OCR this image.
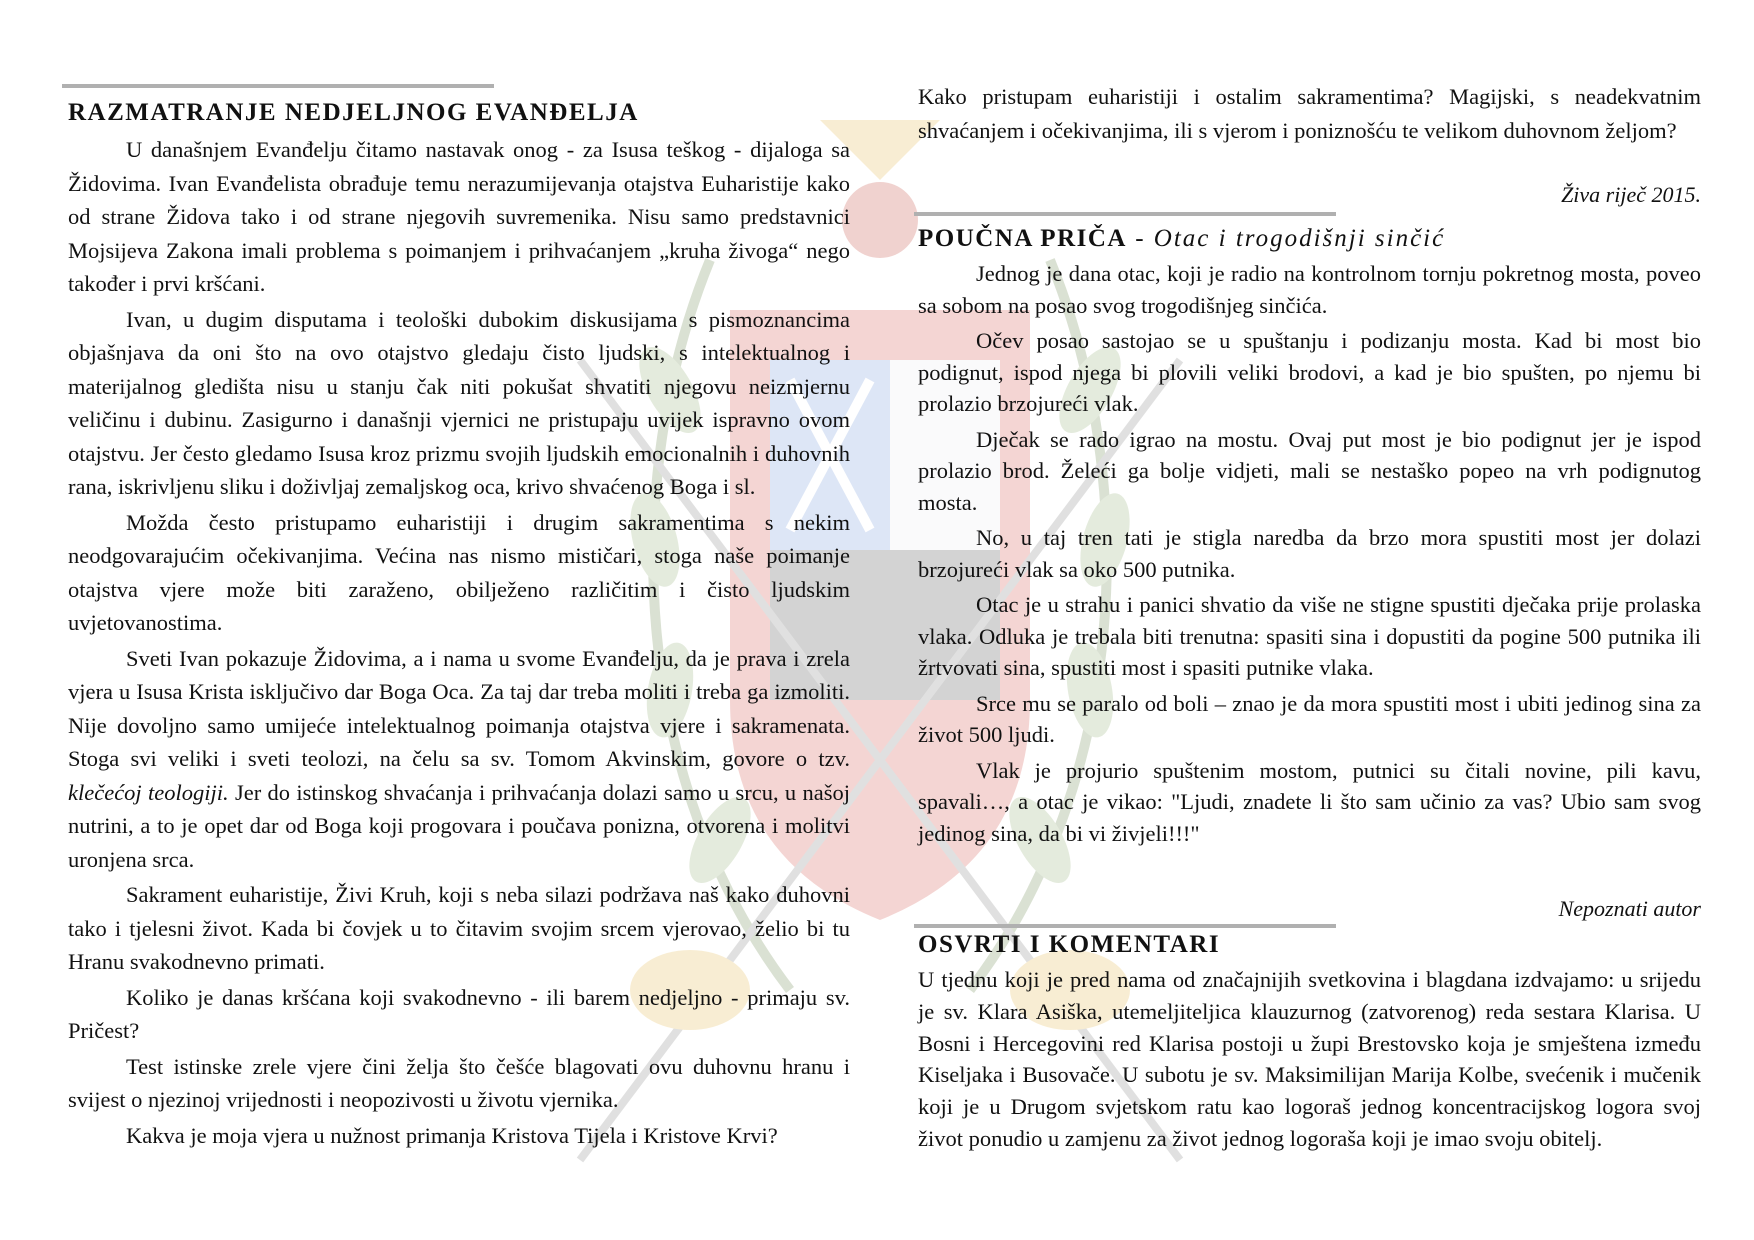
RAZMATRANJE NEDJELJNOG EVANĐELJA

U današnjem Evanđelju čitamo nastavak onog - za Isusa teškog - dijaloga sa Židovima. Ivan Evanđelista obrađuje temu nerazumijevanja otajstva Euharistije kako od strane Židova tako i od strane njegovih suvremenika. Nisu samo predstavnici Mojsijeva Zakona imali problema s poimanjem i prihvaćanjem „kruha živoga“ nego također i prvi kršćani.

Ivan, u dugim disputama i teološki dubokim diskusijama s pismoznancima objašnjava da oni što na ovo otajstvo gledaju čisto ljudski, s intelektualnog i materijalnog gledišta nisu u stanju čak niti pokušat shvatiti njegovu neizmjernu veličinu i dubinu. Zasigurno i današnji vjernici ne pristupaju uvijek ispravno ovom otajstvu. Jer često gledamo Isusa kroz prizmu svojih ljudskih emocionalnih i duhovnih rana, iskrivljenu sliku i doživljaj zemaljskog oca, krivo shvaćenog Boga i sl.

Možda često pristupamo euharistiji i drugim sakramentima s nekim neodgovarajućim očekivanjima. Većina nas nismo mističari, stoga naše poimanje otajstva vjere može biti zaraženo, obilježeno različitim i čisto ljudskim uvjetovanostima.

Sveti Ivan pokazuje Židovima, a i nama u svome Evanđelju, da je prava i zrela vjera u Isusa Krista isključivo dar Boga Oca. Za taj dar treba moliti i treba ga izmoliti. Nije dovoljno samo umijeće intelektualnog poimanja otajstva vjere i sakramenata. Stoga svi veliki i sveti teolozi, na čelu sa sv. Tomom Akvinskim, govore o tzv. klečećoj teologiji. Jer do istinskog shvaćanja i prihvaćanja dolazi samo u srcu, u našoj nutrini, a to je opet dar od Boga koji progovara i poučava ponizna, otvorena i molitvi uronjena srca.

Sakrament euharistije, Živi Kruh, koji s neba silazi podržava naš kako duhovni tako i tjelesni život. Kada bi čovjek u to čitavim svojim srcem vjerovao, želio bi tu Hranu svakodnevno primati.

Koliko je danas kršćana koji svakodnevno - ili barem nedjeljno - primaju sv. Pričest?

Test istinske zrele vjere čini želja što češće blagovati ovu duhovnu hranu i svijest o njezinoj vrijednosti i neopozivosti u životu vjernika.

Kakva je moja vjera u nužnost primanja Kristova Tijela i Kristove Krvi?

Kako pristupam euharistiji i ostalim sakramentima? Magijski, s neadekvatnim shvaćanjem i očekivanjima, ili s vjerom i poniznošću te velikom duhovnom željom?

Živa riječ 2015.
POUČNA PRIČA - Otac i trogodišnji sinčić

Jednog je dana otac, koji je radio na kontrolnom tornju pokretnog mosta, poveo sa sobom na posao svog trogodišnjeg sinčića.

Očev posao sastojao se u spuštanju i podizanju mosta. Kad bi most bio podignut, ispod njega bi plovili veliki brodovi, a kad je bio spušten, po njemu bi prolazio brzojureći vlak.

Dječak se rado igrao na mostu. Ovaj put most je bio podignut jer je ispod prolazio brod. Želeći ga bolje vidjeti, mali se nestaško popeo na vrh podignutog mosta.

No, u taj tren tati je stigla naredba da brzo mora spustiti most jer dolazi brzojureći vlak sa oko 500 putnika.

Otac je u strahu i panici shvatio da više ne stigne spustiti dječaka prije prolaska vlaka. Odluka je trebala biti trenutna: spasiti sina i dopustiti da pogine 500 putnika ili žrtvovati sina, spustiti most i spasiti putnike vlaka.

Srce mu se paralo od boli – znao je da mora spustiti most i ubiti jedinog sina za život 500 ljudi.

Vlak je projurio spuštenim mostom, putnici su čitali novine, pili kavu, spavali…, a otac je vikao: "Ljudi, znadete li što sam učinio za vas? Ubio sam svog jedinog sina, da bi vi živjeli!!!"

Nepoznati autor
OSVRTI I KOMENTARI

U tjednu koji je pred nama od značajnijih svetkovina i blagdana izdvajamo: u srijedu je sv. Klara Asiška, utemeljiteljica klauzurnog (zatvorenog) reda sestara Klarisa. U Bosni i Hercegovini red Klarisa postoji u župi Brestovsko koja je smještena između Kiseljaka i Busovače. U subotu je sv. Maksimilijan Marija Kolbe, svećenik i mučenik koji je u Drugom svjetskom ratu kao logoraš jednog koncentracijskog logora svoj život ponudio u zamjenu za život jednog logoraša koji je imao svoju obitelj.
